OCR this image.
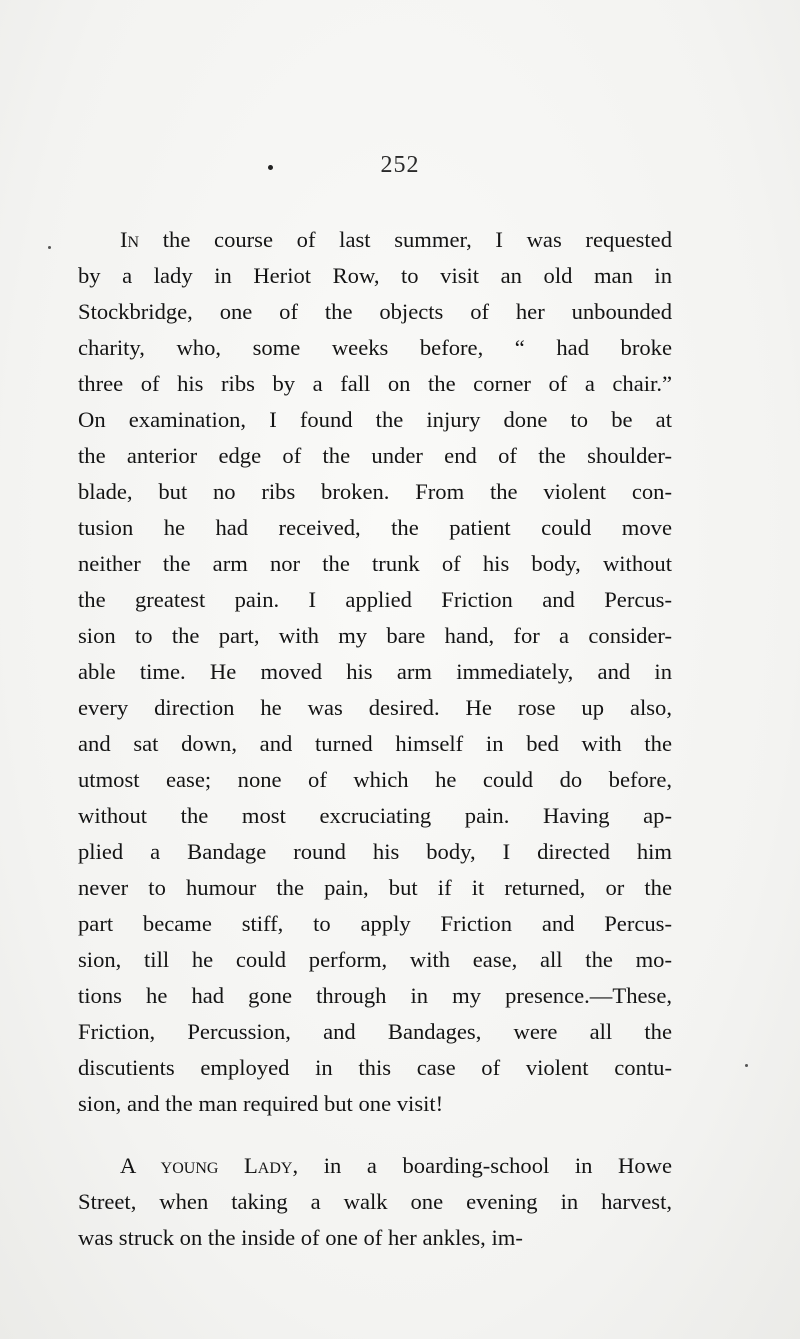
252
In the course of last summer, I was requested
by a lady in Heriot Row, to visit an old man in
Stockbridge, one of the objects of her unbounded
charity, who, some weeks before, “ had broke
three of his ribs by a fall on the corner of a chair.”
On examination, I found the injury done to be at
the anterior edge of the under end of the shoulder-
blade, but no ribs broken. From the violent con-
tusion he had received, the patient could move
neither the arm nor the trunk of his body, without
the greatest pain. I applied Friction and Percus-
sion to the part, with my bare hand, for a consider-
able time. He moved his arm immediately, and in
every direction he was desired. He rose up also,
and sat down, and turned himself in bed with the
utmost ease; none of which he could do before,
without the most excruciating pain. Having ap-
plied a Bandage round his body, I directed him
never to humour the pain, but if it returned, or the
part became stiff, to apply Friction and Percus-
sion, till he could perform, with ease, all the mo-
tions he had gone through in my presence.—These,
Friction, Percussion, and Bandages, were all the
discutients employed in this case of violent contu-
sion, and the man required but one visit!
A young Lady, in a boarding-school in Howe
Street, when taking a walk one evening in harvest,
was struck on the inside of one of her ankles, im-
